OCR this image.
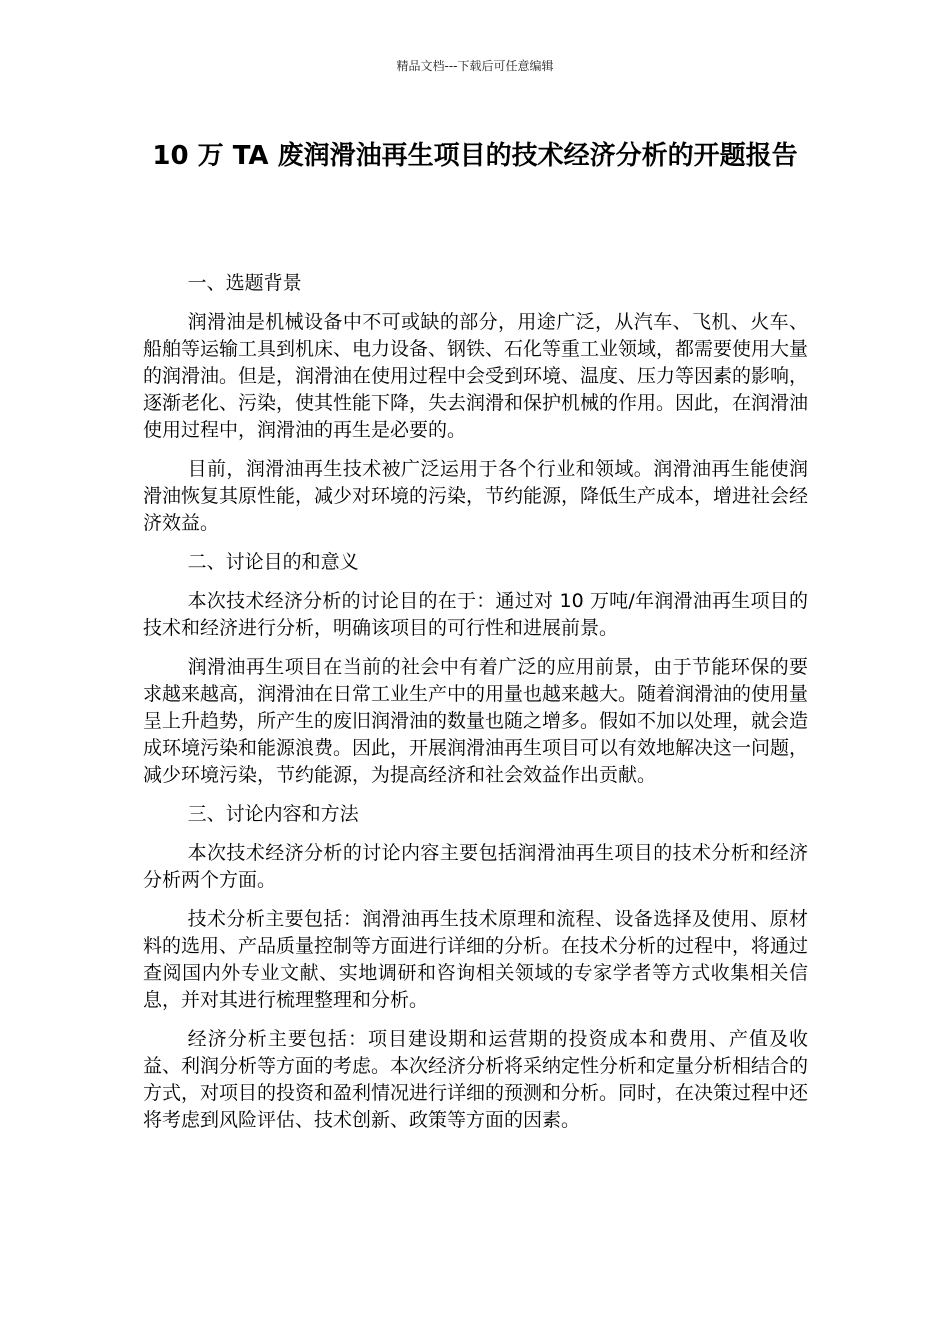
精品文档---下载后可任意编辑
10 万 TA 废润滑油再生项目的技术经济分析的开题报告

一、选题背景

润滑油是机械设备中不可或缺的部分，用途广泛，从汽车、飞机、火车、船舶等运输工具到机床、电力设备、钢铁、石化等重工业领域，都需要使用大量的润滑油。但是，润滑油在使用过程中会受到环境、温度、压力等因素的影响，逐渐老化、污染，使其性能下降，失去润滑和保护机械的作用。因此，在润滑油使用过程中，润滑油的再生是必要的。

目前，润滑油再生技术被广泛运用于各个行业和领域。润滑油再生能使润滑油恢复其原性能，减少对环境的污染，节约能源，降低生产成本，增进社会经济效益。

二、讨论目的和意义

本次技术经济分析的讨论目的在于：通过对 10 万吨/年润滑油再生项目的技术和经济进行分析，明确该项目的可行性和进展前景。

润滑油再生项目在当前的社会中有着广泛的应用前景，由于节能环保的要求越来越高，润滑油在日常工业生产中的用量也越来越大。随着润滑油的使用量呈上升趋势，所产生的废旧润滑油的数量也随之增多。假如不加以处理，就会造成环境污染和能源浪费。因此，开展润滑油再生项目可以有效地解决这一问题，减少环境污染，节约能源，为提高经济和社会效益作出贡献。

三、讨论内容和方法

本次技术经济分析的讨论内容主要包括润滑油再生项目的技术分析和经济分析两个方面。

技术分析主要包括：润滑油再生技术原理和流程、设备选择及使用、原材料的选用、产品质量控制等方面进行详细的分析。在技术分析的过程中，将通过查阅国内外专业文献、实地调研和咨询相关领域的专家学者等方式收集相关信息，并对其进行梳理整理和分析。

经济分析主要包括：项目建设期和运营期的投资成本和费用、产值及收益、利润分析等方面的考虑。本次经济分析将采纳定性分析和定量分析相结合的方式，对项目的投资和盈利情况进行详细的预测和分析。同时，在决策过程中还将考虑到风险评估、技术创新、政策等方面的因素。
